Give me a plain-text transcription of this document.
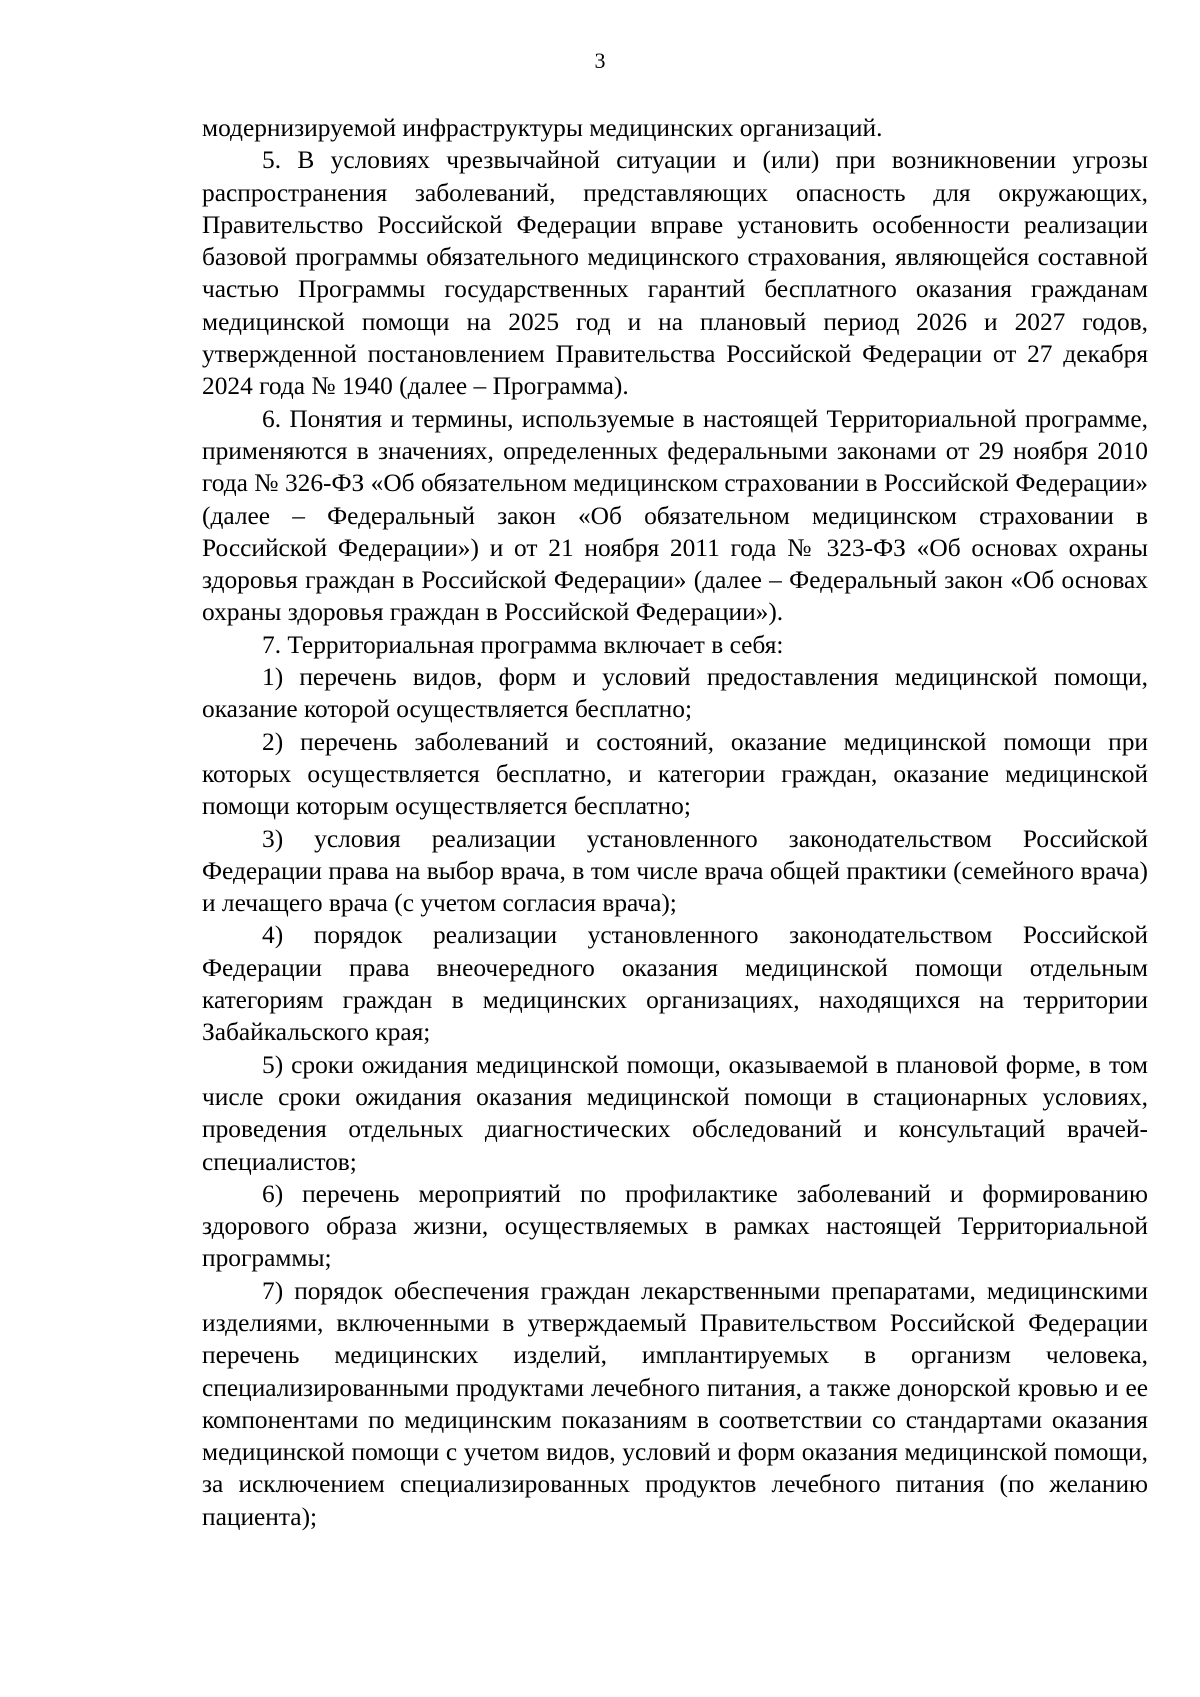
3

модернизируемой инфраструктуры медицинских организаций.

5. В условиях чрезвычайной ситуации и (или) при возникновении угрозы распространения заболеваний, представляющих опасность для окружающих, Правительство Российской Федерации вправе установить особенности реализации базовой программы обязательного медицинского страхования, являющейся составной частью Программы государственных гарантий бесплатного оказания гражданам медицинской помощи на 2025 год и на плановый период 2026 и 2027 годов, утвержденной постановлением Правительства Российской Федерации от 27 декабря 2024 года № 1940 (далее – Программа).

6. Понятия и термины, используемые в настоящей Территориальной программе, применяются в значениях, определенных федеральными законами от 29 ноября 2010 года № 326-ФЗ «Об обязательном медицинском страховании в Российской Федерации» (далее – Федеральный закон «Об обязательном медицинском страховании в Российской Федерации») и от 21 ноября 2011 года № 323-ФЗ «Об основах охраны здоровья граждан в Российской Федерации» (далее – Федеральный закон «Об основах охраны здоровья граждан в Российской Федерации»).

7. Территориальная программа включает в себя:

1) перечень видов, форм и условий предоставления медицинской помощи, оказание которой осуществляется бесплатно;

2) перечень заболеваний и состояний, оказание медицинской помощи при которых осуществляется бесплатно, и категории граждан, оказание медицинской помощи которым осуществляется бесплатно;

3) условия реализации установленного законодательством Российской Федерации права на выбор врача, в том числе врача общей практики (семейного врача) и лечащего врача (с учетом согласия врача);

4) порядок реализации установленного законодательством Российской Федерации права внеочередного оказания медицинской помощи отдельным категориям граждан в медицинских организациях, находящихся на территории Забайкальского края;

5) сроки ожидания медицинской помощи, оказываемой в плановой форме, в том числе сроки ожидания оказания медицинской помощи в стационарных условиях, проведения отдельных диагностических обследований и консультаций врачей-специалистов;

6) перечень мероприятий по профилактике заболеваний и формированию здорового образа жизни, осуществляемых в рамках настоящей Территориальной программы;

7) порядок обеспечения граждан лекарственными препаратами, медицинскими изделиями, включенными в утверждаемый Правительством Российской Федерации перечень медицинских изделий, имплантируемых в организм человека, специализированными продуктами лечебного питания, а также донорской кровью и ее компонентами по медицинским показаниям в соответствии со стандартами оказания медицинской помощи с учетом видов, условий и форм оказания медицинской помощи, за исключением специализированных продуктов лечебного питания (по желанию пациента);
